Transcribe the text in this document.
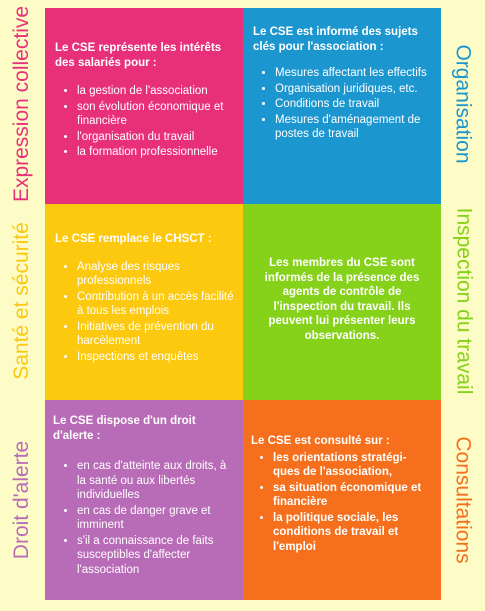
Expression collective
Santé et sécurité
Droit d'alerte
Organisation
Inspection du travail
Consultations

Le CSE représente les intérêts des salariés pour :

• la gestion de l'association
• son évolution économique et financière
• l'organisation du travail
• la formation professionnelle

Le CSE est informé des sujets clés pour l'association :

• Mesures affectant les effectifs
• Organisation juridiques, etc.
• Conditions de travail
• Mesures d'aménagement de postes de travail

Le CSE remplace le CHSCT :

• Analyse des risques professionnels
• Contribution à un accès facilité à tous les emplois
• Initiatives de prévention du harcèlement
• Inspections et enquêtes

Les membres du CSE sont informés de la présence des agents de contrôle de l'inspection du travail. Ils peuvent lui présenter leurs observations.

Le CSE dispose d'un droit d'alerte :

• en cas d'atteinte aux droits, à la santé ou aux libertés individuelles
• en cas de danger grave et imminent
• s'il a connaissance de faits susceptibles d'affecter l'association

Le CSE est consulté sur :

• les orientations stratégi-ques de l'association,
• sa situation économique et financière
• la politique sociale, les conditions de travail et l'emploi
